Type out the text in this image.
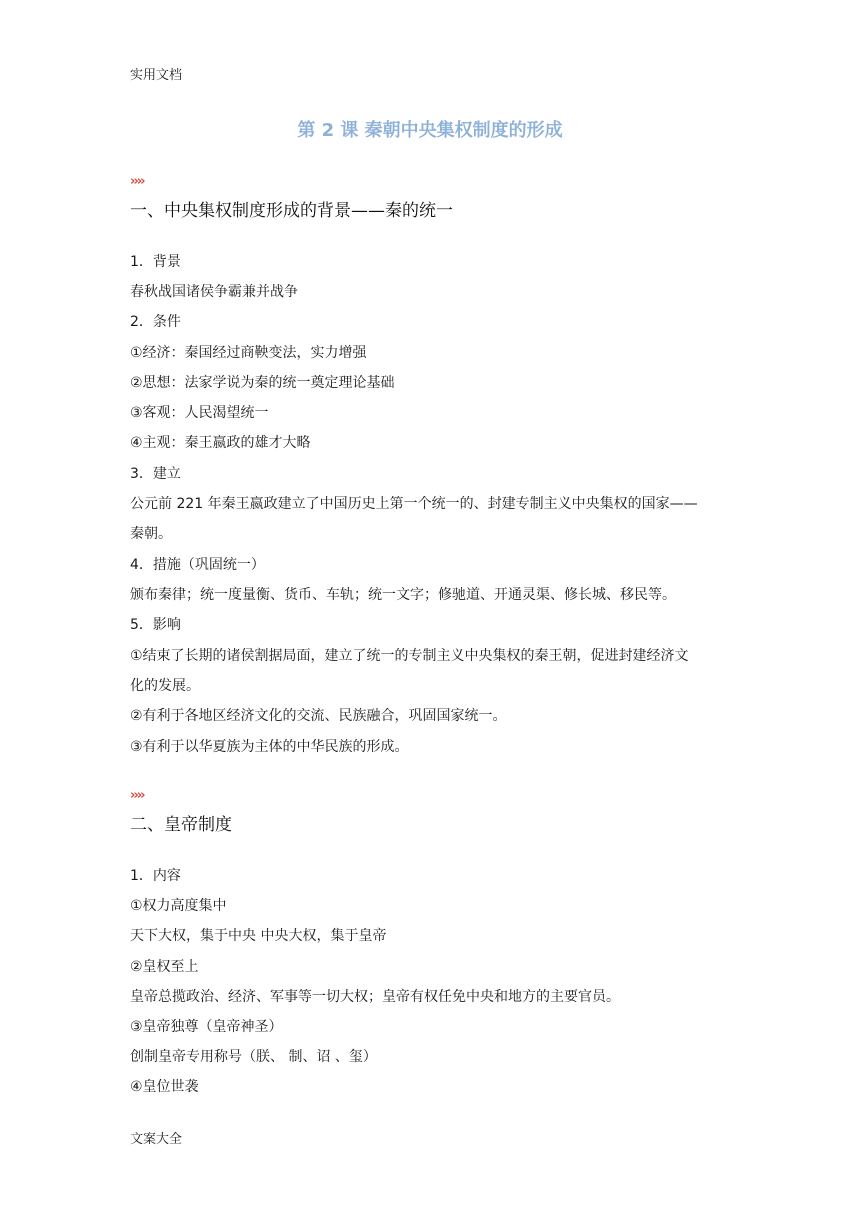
实用文档
第 2 课 秦朝中央集权制度的形成
››››
一、中央集权制度形成的背景——秦的统一
1．背景
春秋战国诸侯争霸兼并战争
2．条件
①经济：秦国经过商鞅变法，实力增强
②思想：法家学说为秦的统一奠定理论基础
③客观：人民渴望统一
④主观：秦王嬴政的雄才大略
3．建立
公元前 221 年秦王嬴政建立了中国历史上第一个统一的、封建专制主义中央集权的国家——
秦朝。
4．措施（巩固统一）
颁布秦律；统一度量衡、货币、车轨；统一文字；修驰道、开通灵渠、修长城、移民等。
5．影响
①结束了长期的诸侯割据局面，建立了统一的专制主义中央集权的秦王朝，促进封建经济文
化的发展。
②有利于各地区经济文化的交流、民族融合，巩固国家统一。
③有利于以华夏族为主体的中华民族的形成。
››››
二、皇帝制度
1．内容
①权力高度集中
天下大权，集于中央 中央大权，集于皇帝
②皇权至上
皇帝总揽政治、经济、军事等一切大权；皇帝有权任免中央和地方的主要官员。
③皇帝独尊（皇帝神圣）
创制皇帝专用称号（朕、 制、诏 、玺）
④皇位世袭
文案大全
